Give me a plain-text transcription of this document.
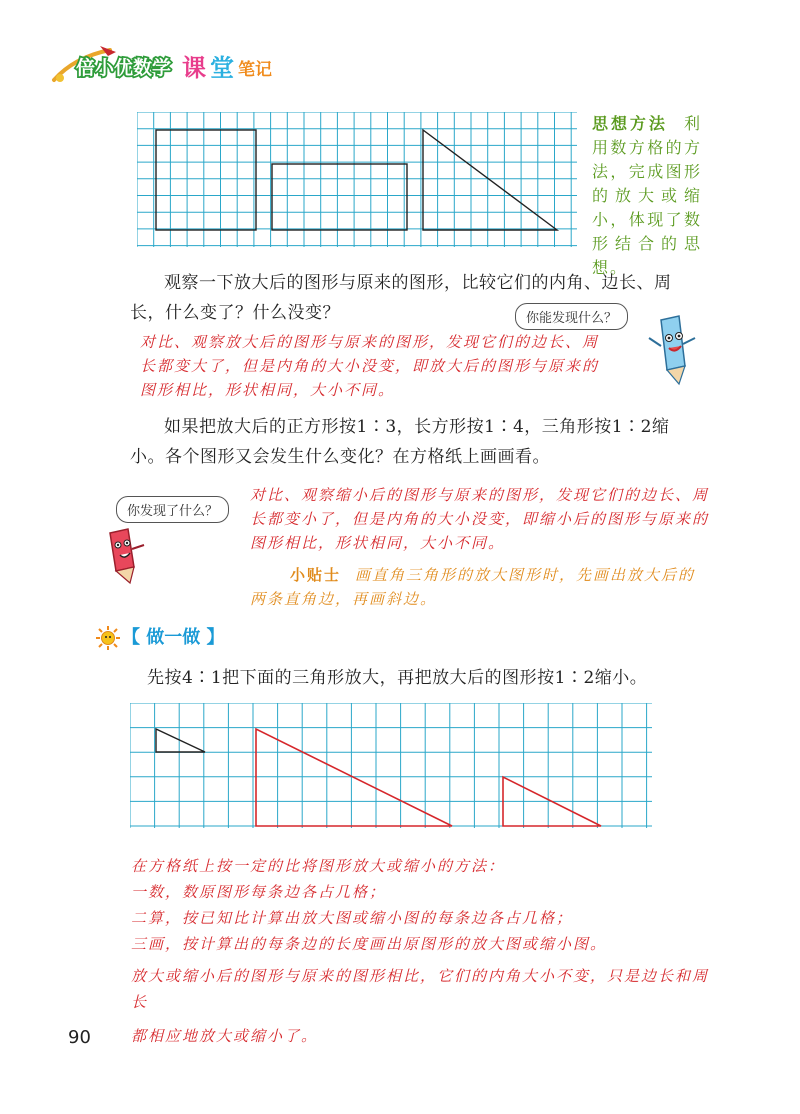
倍小优数学 课 堂 笔记
思想方法 利用数方格的方法，完成图形的放大或缩小，体现了数形结合的思想。
观察一下放大后的图形与原来的图形，比较它们的内角、边长、周长，什么变了？什么没变？	你能发现什么？
对比、观察放大后的图形与原来的图形，发现它们的边长、周长都变大了，但是内角的大小没变，即放大后的图形与原来的图形相比，形状相同，大小不同。
如果把放大后的正方形按1∶3，长方形按1∶4，三角形按1∶2缩小。各个图形又会发生什么变化？在方格纸上画画看。
你发现了什么？
对比、观察缩小后的图形与原来的图形，发现它们的边长、周长都变小了，但是内角的大小没变，即缩小后的图形与原来的图形相比，形状相同，大小不同。
小贴士 画直角三角形的放大图形时，先画出放大后的两条直角边，再画斜边。
【 做一做 】
先按4∶1把下面的三角形放大，再把放大后的图形按1∶2缩小。
在方格纸上按一定的比将图形放大或缩小的方法：
一数，数原图形每条边各占几格；
二算，按已知比计算出放大图或缩小图的每条边各占几格；
三画，按计算出的每条边的长度画出原图形的放大图或缩小图。
放大或缩小后的图形与原来的图形相比，它们的内角大小不变，只是边长和周长
都相应地放大或缩小了。
90
